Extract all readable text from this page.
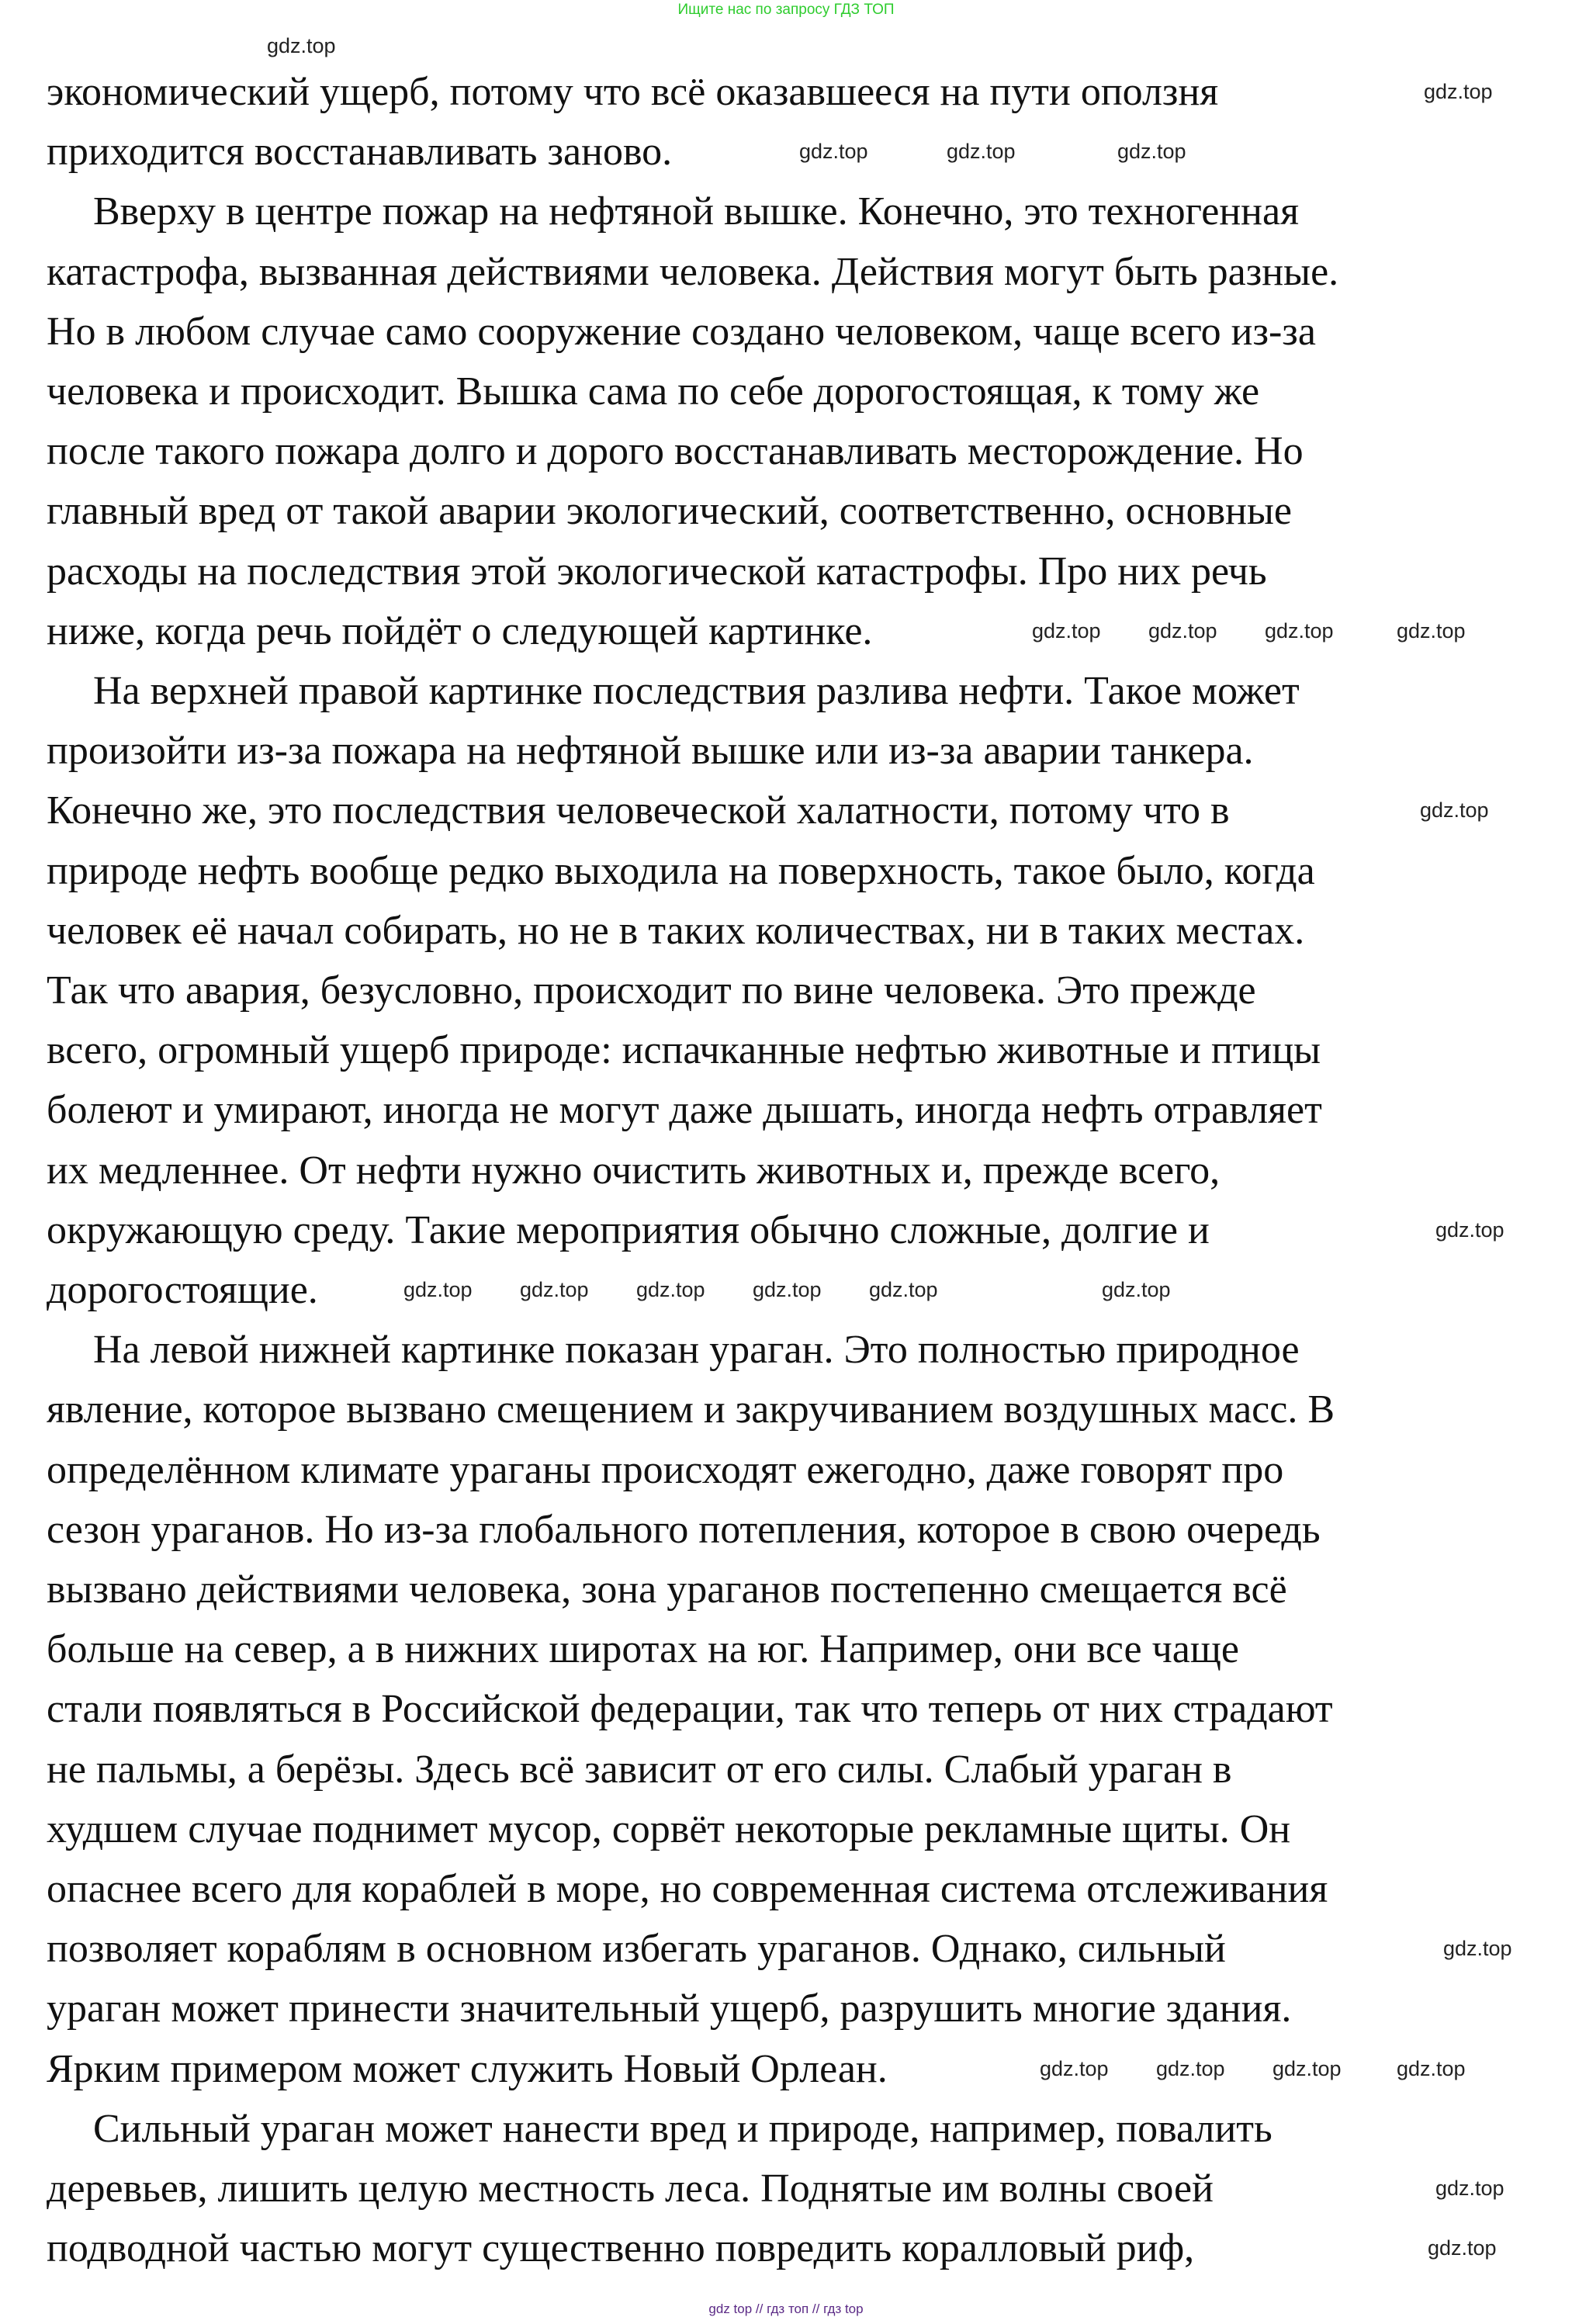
Ищите нас по запросу ГДЗ ТОП
экономический ущерб, потому что всё оказавшееся на пути оползня
приходится восстанавливать заново.
Вверху в центре пожар на нефтяной вышке. Конечно, это техногенная
катастрофа, вызванная действиями человека. Действия могут быть разные.
Но в любом случае само сооружение создано человеком, чаще всего из-за
человека и происходит. Вышка сама по себе дорогостоящая, к тому же
после такого пожара долго и дорого восстанавливать месторождение. Но
главный вред от такой аварии экологический, соответственно, основные
расходы на последствия этой экологической катастрофы. Про них речь
ниже, когда речь пойдёт о следующей картинке.
На верхней правой картинке последствия разлива нефти. Такое может
произойти из-за пожара на нефтяной вышке или из-за аварии танкера.
Конечно же, это последствия человеческой халатности, потому что в
природе нефть вообще редко выходила на поверхность, такое было, когда
человек её начал собирать, но не в таких количествах, ни в таких местах.
Так что авария, безусловно, происходит по вине человека. Это прежде
всего, огромный ущерб природе: испачканные нефтью животные и птицы
болеют и умирают, иногда не могут даже дышать, иногда нефть отравляет
их медленнее. От нефти нужно очистить животных и, прежде всего,
окружающую среду. Такие мероприятия обычно сложные, долгие и
дорогостоящие.
На левой нижней картинке показан ураган. Это полностью природное
явление, которое вызвано смещением и закручиванием воздушных масс. В
определённом климате ураганы происходят ежегодно, даже говорят про
сезон ураганов. Но из-за глобального потепления, которое в свою очередь
вызвано действиями человека, зона ураганов постепенно смещается всё
больше на север, а в нижних широтах на юг. Например, они все чаще
стали появляться в Российской федерации, так что теперь от них страдают
не пальмы, а берёзы. Здесь всё зависит от его силы. Слабый ураган в
худшем случае поднимет мусор, сорвёт некоторые рекламные щиты. Он
опаснее всего для кораблей в море, но современная система отслеживания
позволяет кораблям в основном избегать ураганов. Однако, сильный
ураган может принести значительный ущерб, разрушить многие здания.
Ярким примером может служить Новый Орлеан.
Сильный ураган может нанести вред и природе, например, повалить
деревьев, лишить целую местность леса. Поднятые им волны своей
подводной частью могут существенно повредить коралловый риф,
gdz.top
gdz.top
gdz.top	gdz.top	gdz.top
gdz.top gdz.top gdz.top	gdz.top
gdz.top
gdz.top
gdz.top gdz.top gdz.top gdz.top gdz.top	gdz.top
gdz.top
gdz.top gdz.top gdz.top	gdz.top
gdz.top
gdz.top
gdz top // гдз топ // гдз top
